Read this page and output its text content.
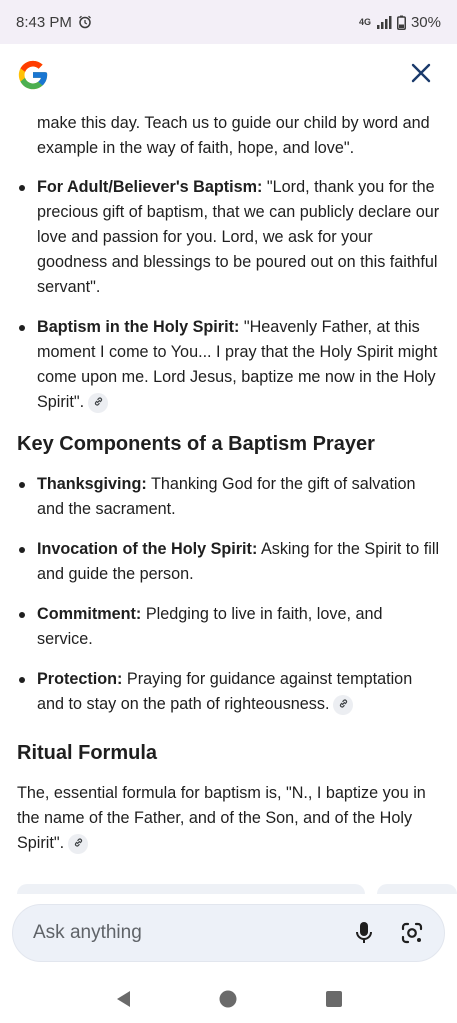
8:43 PM	4G	30%
make this day. Teach us to guide our child by word and example in the way of faith, hope, and love".
For Adult/Believer's Baptism: "Lord, thank you for the precious gift of baptism, that we can publicly declare our love and passion for you. Lord, we ask for your goodness and blessings to be poured out on this faithful servant".
Baptism in the Holy Spirit: "Heavenly Father, at this moment I come to You... I pray that the Holy Spirit might come upon me. Lord Jesus, baptize me now in the Holy Spirit".
Key Components of a Baptism Prayer
Thanksgiving: Thanking God for the gift of salvation and the sacrament.
Invocation of the Holy Spirit: Asking for the Spirit to fill and guide the person.
Commitment: Pledging to live in faith, love, and service.
Protection: Praying for guidance against temptation and to stay on the path of righteousness.
Ritual Formula

The, essential formula for baptism is, "N., I baptize you in the name of the Father, and of the Son, and of the Holy Spirit".

Ask anything
